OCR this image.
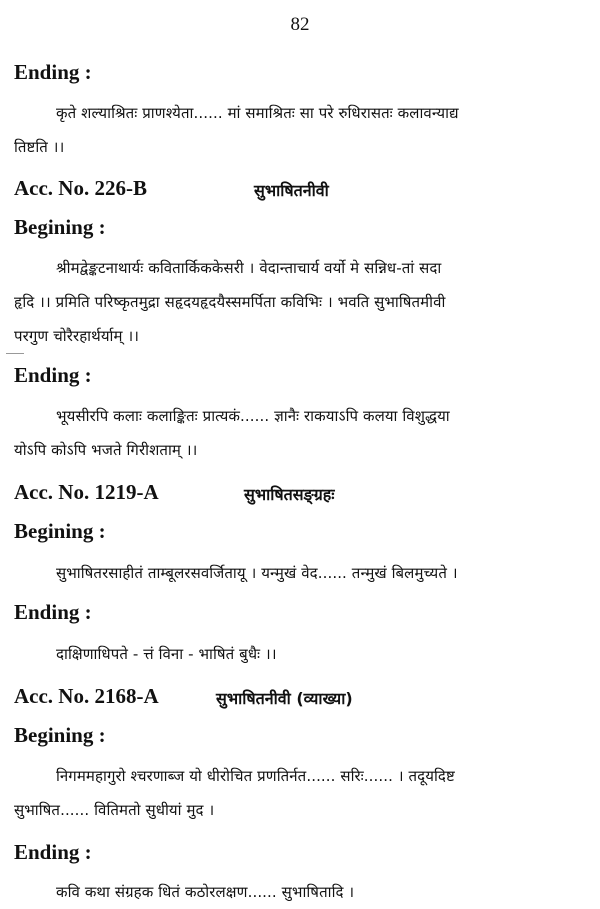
82
Ending :
कृते शल्याश्रितः प्राणश्येता...... मां समाश्रितः सा परे रुधिरासतः कलावन्याद्य
तिष्टति ।।
Acc. No. 226-B	सुभाषितनीवी
Begining :
श्रीमद्वेङ्कटनाथार्यः कवितार्किककेसरी । वेदान्ताचार्य वर्यो मे सन्निध-तां सदा
हृदि ।। प्रमिति परिष्कृतमुद्रा सहृदयहृदयैस्समर्पिता कविभिः । भवति सुभाषितमीवी
परगुण चोरैरहार्थर्याम् ।।
Ending :
भूयसीरपि कलाः कलाङ्कितः प्रात्यकं...... ज्ञानैः राकयाऽपि कलया विशुद्धया
योऽपि कोऽपि भजते गिरीशताम् ।।
Acc. No. 1219-A	सुभाषितसङ्ग्रहः
Begining :
सुभाषितरसाहीतं ताम्बूलरसवर्जितायू । यन्मुखं वेद...... तन्मुखं बिलमुच्यते ।
Ending :
दाक्षिणाधिपते - त्तं विना - भाषितं बुधैः ।।
Acc. No. 2168-A	सुभाषितनीवी (व्याख्या)
Begining :
निगममहागुरो श्चरणाब्ज यो धीरोचित प्रणतिर्नत...... सरिः...... । तदूयदिष्ट
सुभाषित...... वितिमतो सुधीयां मुद ।
Ending :
कवि कथा संग्रहक धितं कठोरलक्षण...... सुभाषितादि ।
